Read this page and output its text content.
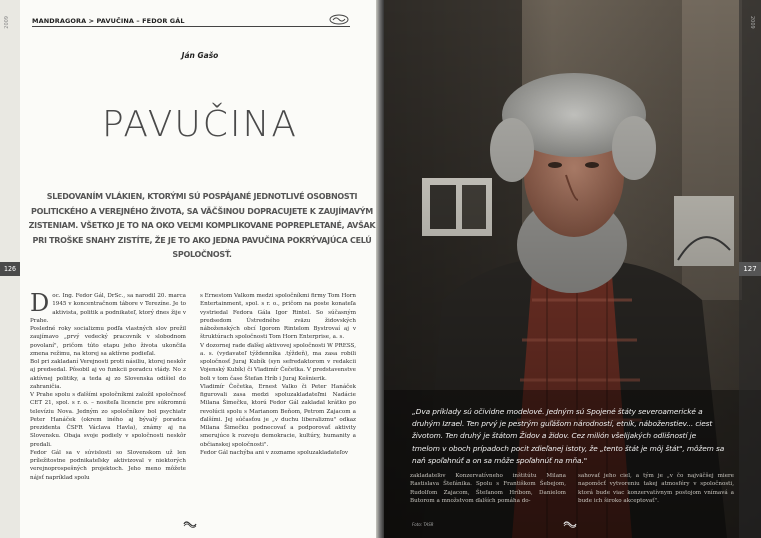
2009
126
MANDRAGORA > PAVUČINA – FEDOR GÁL
Ján Gašo
PAVUČINA
SLEDOVANÍM VLÁKIEN, KTORÝMI SÚ POSPÁJANÉ JEDNOTLIVÉ OSOBNOSTI POLITICKÉHO A VEREJNÉHO ŽIVOTA, SA VÄČŠINOU DOPRACUJETE K ZAUJÍMAVÝM ZISTENIAM. VŠETKO JE TO NA OKO VEĽMI KOMPLIKOVANE POPREPLETANÉ, AVŠAK PRI TROŠKE SNAHY ZISTÍTE, ŽE JE TO AKO JEDNA PAVUČINA POKRÝVAJÚCA CELÚ SPOLOČNOSŤ.
D oc. Ing. Fedor Gál, DrSc., sa narodil 20. marca 1945 v koncentračnom tábore v Terezíne. Je to aktivista, politik a podnikateľ, ktorý dnes žije v Prahe.

Posledné roky socializmu podľa vlastných slov prežil zaujímavo „prvý vedecký pracovník v slobodnom povolaní", pričom túto etapu jeho života ukončila zmena režimu, na ktorej sa aktívne podieľal.

Bol pri zakladaní Verejnosti proti násiliu, ktorej neskôr aj predsedal. Pôsobil aj vo funkcii poradcu vlády. No z aktívnej politiky, a teda aj zo Slovenska odišiel do zahraničia.

V Prahe spolu s ďalšími spoločníkmi založil spoločnosť CET 21, spol. s r. o. – nositeľa licencie pre súkromnú televíziu Nova. Jedným zo spoločníkov bol psychiatr Peter Hanáček (okrem iného aj bývalý poradca prezidenta ČSFR Václava Havla), známy aj na Slovensku. Obaja svoje podiely v spoločnosti neskôr predali.

Fedor Gál sa v súvislosti so Slovenskom už len príležitostne podnikateľsky aktivizoval v niektorých verejnoprospešných projektoch. Jeho meno môžete nájsť napríklad spolu

s Ernestom Valkom medzi spoločníkmi firmy Tom Horn Entertainment, spol. s r. o., pričom na poste konateľa vystriedal Fedora Gála Igor Rintel. So súčasným predsedom Ústredného zväzu židovských náboženských obcí Igorom Rintelom Bystrovaí aj v štruktúrach spoločnosti Tom Horn Enterprise, a. s.

V dozornej rade ďalšej aktivovej spoločnosti W PRESS, a. s. (vydavateľ týždenníka .týždeň), ma zasa robili spoločnosť Juraj Kubík (syn sefredaktorom v redakcii Vojenský Kubík) či Vladimír Čečetka. V predstavenstve boli v tom čase Štefan Hríb i Juraj Kešnierik.

Vladimír Čečetka, Ernest Valko či Peter Hanáček figurovali zasa medzi spoluzakladateľmi Nadácie Milana Šimečku, ktorú Fedor Gál zakladal krátko po revolúcii spolu s Marianom Beňom, Petrom Zajacom a ďalšími. Jej súčasťou je „v duchu liberalizmu" odkaz Milana Šimečku podnecovať a podporovať aktivity smerujúce k rozvoju demokracie, kultúry, humanity a občianskej spoločnosti".

Fedor Gál nachýba ani v zozname spoluzakladateľov

2009
127
„Dva príklady sú očividne modelové. Jedným sú Spojené štáty severoamerické a druhým Izrael. Ten prvý je pestrým guľášom národností, etník, náboženstiev... ciest životom. Ten druhý je štátom Židov a židov. Cez milión všelijakých odlišností je tmelom v oboch prípadoch pocit zdieľanej istoty, že „tento štát je môj štát", môžem sa naň spoľahnúť a on sa môže spoľahnúť na mňa."
zakladateľov Konzervatívneho inštitútu Milana Rastislava Štefánika. Spolu s Františkom Šebejom, Rudolfom Zajacom, Štefanom Hríbom, Danielom Butorom a množstvom ďalších pomáha do-
sahovať jeho ciel, a tým je „v čo najväčšej miere napomôcť vytvoreniu takej atmosféry v spoločnosti, ktorá bude viac konzervatívnym postojom vnímavá a bude ich široko akceptovať".
Foto: TASR
